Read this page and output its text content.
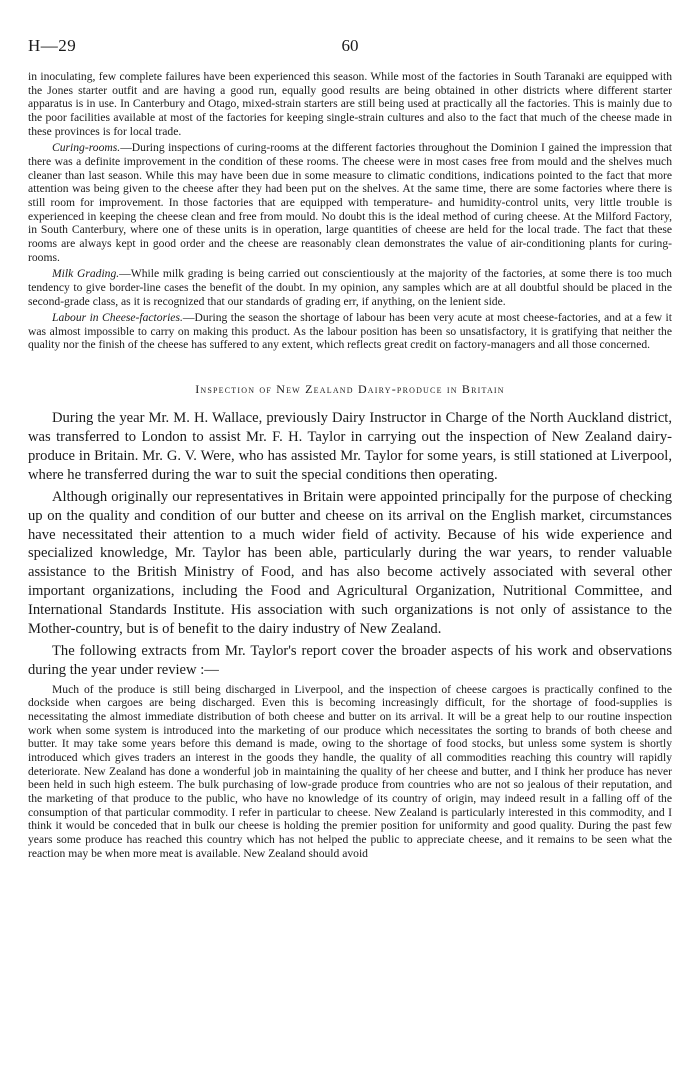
H—29	60

in inoculating, few complete failures have been experienced this season. While most of the factories in South Taranaki are equipped with the Jones starter outfit and are having a good run, equally good results are being obtained in other districts where different starter apparatus is in use. In Canterbury and Otago, mixed-strain starters are still being used at practically all the factories. This is mainly due to the poor facilities available at most of the factories for keeping single-strain cultures and also to the fact that much of the cheese made in these provinces is for local trade.

Curing-rooms.—During inspections of curing-rooms at the different factories throughout the Dominion I gained the impression that there was a definite improvement in the condition of these rooms. The cheese were in most cases free from mould and the shelves much cleaner than last season. While this may have been due in some measure to climatic conditions, indications pointed to the fact that more attention was being given to the cheese after they had been put on the shelves. At the same time, there are some factories where there is still room for improvement. In those factories that are equipped with temperature- and humidity-control units, very little trouble is experienced in keeping the cheese clean and free from mould. No doubt this is the ideal method of curing cheese. At the Milford Factory, in South Canterbury, where one of these units is in operation, large quantities of cheese are held for the local trade. The fact that these rooms are always kept in good order and the cheese are reasonably clean demonstrates the value of air-conditioning plants for curing-rooms.

Milk Grading.—While milk grading is being carried out conscientiously at the majority of the factories, at some there is too much tendency to give border-line cases the benefit of the doubt. In my opinion, any samples which are at all doubtful should be placed in the second-grade class, as it is recognized that our standards of grading err, if anything, on the lenient side.

Labour in Cheese-factories.—During the season the shortage of labour has been very acute at most cheese-factories, and at a few it was almost impossible to carry on making this product. As the labour position has been so unsatisfactory, it is gratifying that neither the quality nor the finish of the cheese has suffered to any extent, which reflects great credit on factory-managers and all those concerned.

Inspection of New Zealand Dairy-produce in Britain

During the year Mr. M. H. Wallace, previously Dairy Instructor in Charge of the North Auckland district, was transferred to London to assist Mr. F. H. Taylor in carrying out the inspection of New Zealand dairy-produce in Britain. Mr. G. V. Were, who has assisted Mr. Taylor for some years, is still stationed at Liverpool, where he transferred during the war to suit the special conditions then operating.

Although originally our representatives in Britain were appointed principally for the purpose of checking up on the quality and condition of our butter and cheese on its arrival on the English market, circumstances have necessitated their attention to a much wider field of activity. Because of his wide experience and specialized knowledge, Mr. Taylor has been able, particularly during the war years, to render valuable assistance to the British Ministry of Food, and has also become actively associated with several other important organizations, including the Food and Agricultural Organization, Nutritional Committee, and International Standards Institute. His association with such organizations is not only of assistance to the Mother-country, but is of benefit to the dairy industry of New Zealand.

The following extracts from Mr. Taylor's report cover the broader aspects of his work and observations during the year under review :—

Much of the produce is still being discharged in Liverpool, and the inspection of cheese cargoes is practically confined to the dockside when cargoes are being discharged. Even this is becoming increasingly difficult, for the shortage of food-supplies is necessitating the almost immediate distribution of both cheese and butter on its arrival. It will be a great help to our routine inspection work when some system is introduced into the marketing of our produce which necessitates the sorting to brands of both cheese and butter. It may take some years before this demand is made, owing to the shortage of food stocks, but unless some system is shortly introduced which gives traders an interest in the goods they handle, the quality of all commodities reaching this country will rapidly deteriorate. New Zealand has done a wonderful job in maintaining the quality of her cheese and butter, and I think her produce has never been held in such high esteem. The bulk purchasing of low-grade produce from countries who are not so jealous of their reputation, and the marketing of that produce to the public, who have no knowledge of its country of origin, may indeed result in a falling off of the consumption of that particular commodity. I refer in particular to cheese. New Zealand is particularly interested in this commodity, and I think it would be conceded that in bulk our cheese is holding the premier position for uniformity and good quality. During the past few years some produce has reached this country which has not helped the public to appreciate cheese, and it remains to be seen what the reaction may be when more meat is available. New Zealand should avoid
